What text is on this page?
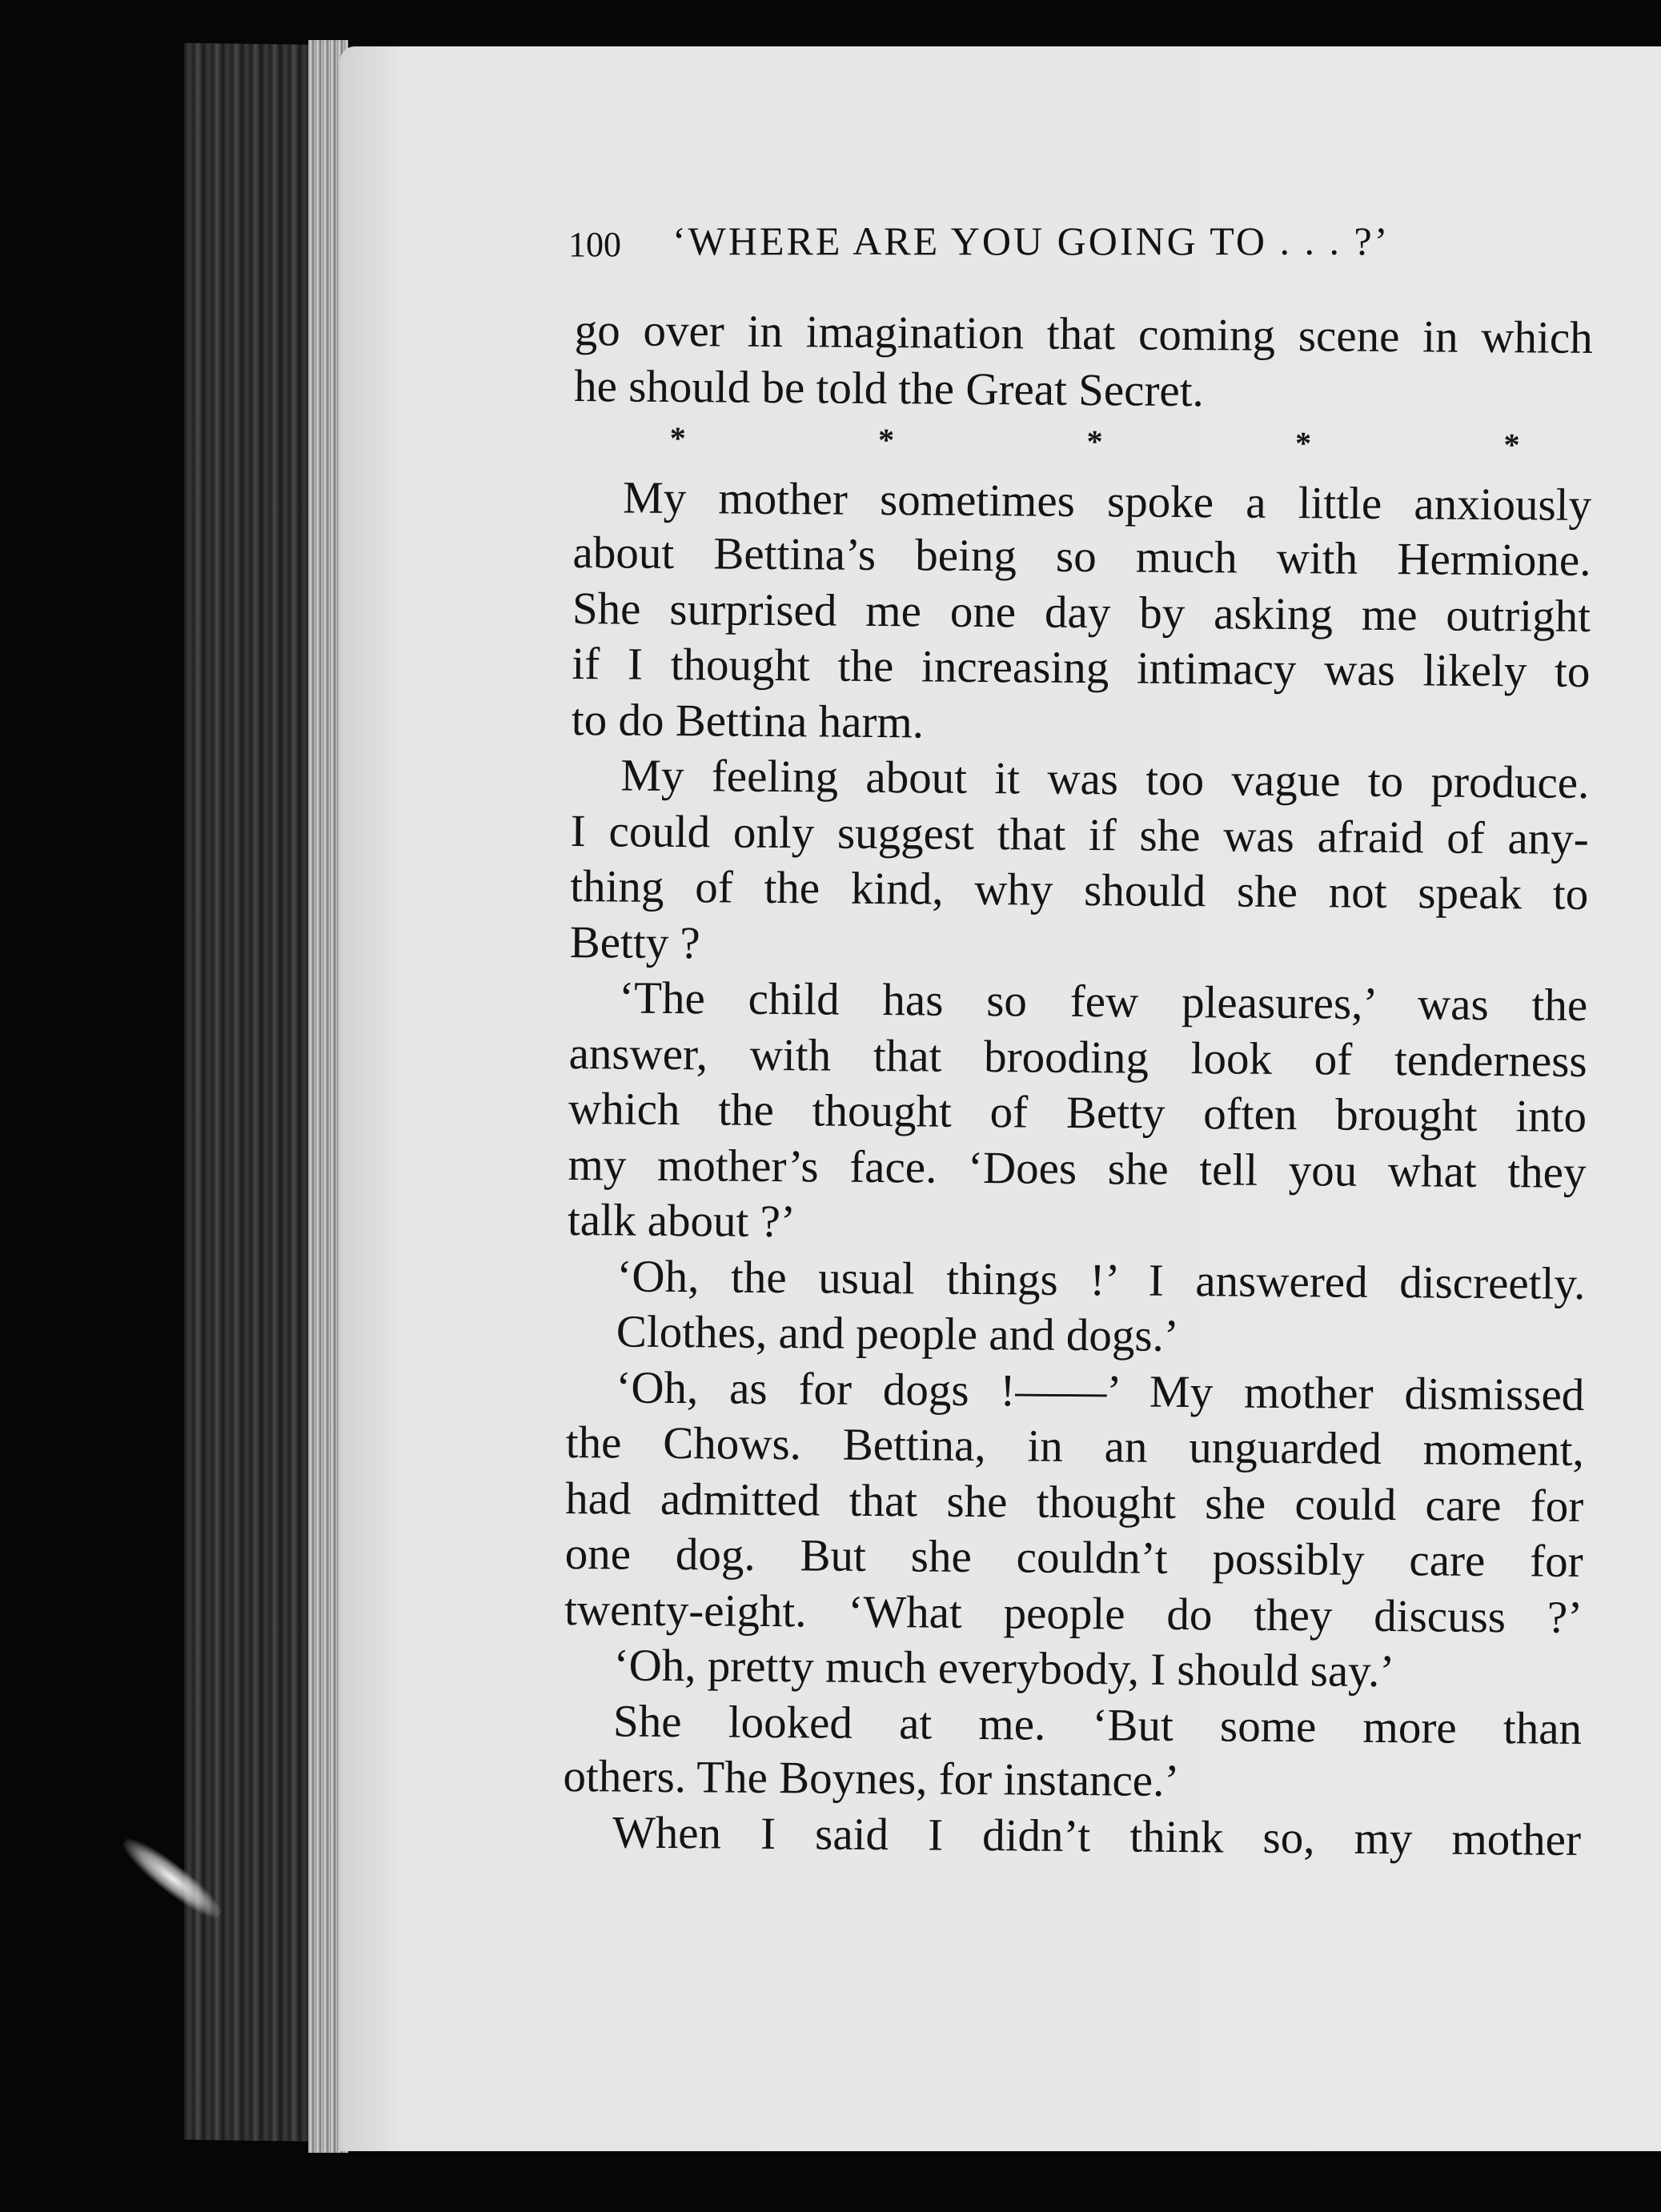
100 ‘WHERE ARE YOU GOING TO . . . ?’
go over in imagination that coming scene in which
he should be told the Great Secret.
*	*	*	*	*
My mother sometimes spoke a little anxiously
about Bettina’s being so much with Hermione.
She surprised me one day by asking me outright
if I thought the increasing intimacy was likely to
to do Bettina harm.
My feeling about it was too vague to produce.
I could only suggest that if she was afraid of any-
thing of the kind, why should she not speak to
Betty ?
‘The child has so few pleasures,’ was the
answer, with that brooding look of tenderness
which the thought of Betty often brought into
my mother’s face. ‘Does she tell you what they
talk about ?’
‘Oh, the usual things !’ I answered discreetly.
Clothes, and people and dogs.’
‘Oh, as for dogs !——’ My mother dismissed
the Chows. Bettina, in an unguarded moment,
had admitted that she thought she could care for
one dog. But she couldn’t possibly care for
twenty-eight. ‘What people do they discuss ?’
‘Oh, pretty much everybody, I should say.’
She looked at me. ‘But some more than
others. The Boynes, for instance.’
When I said I didn’t think so, my mother
